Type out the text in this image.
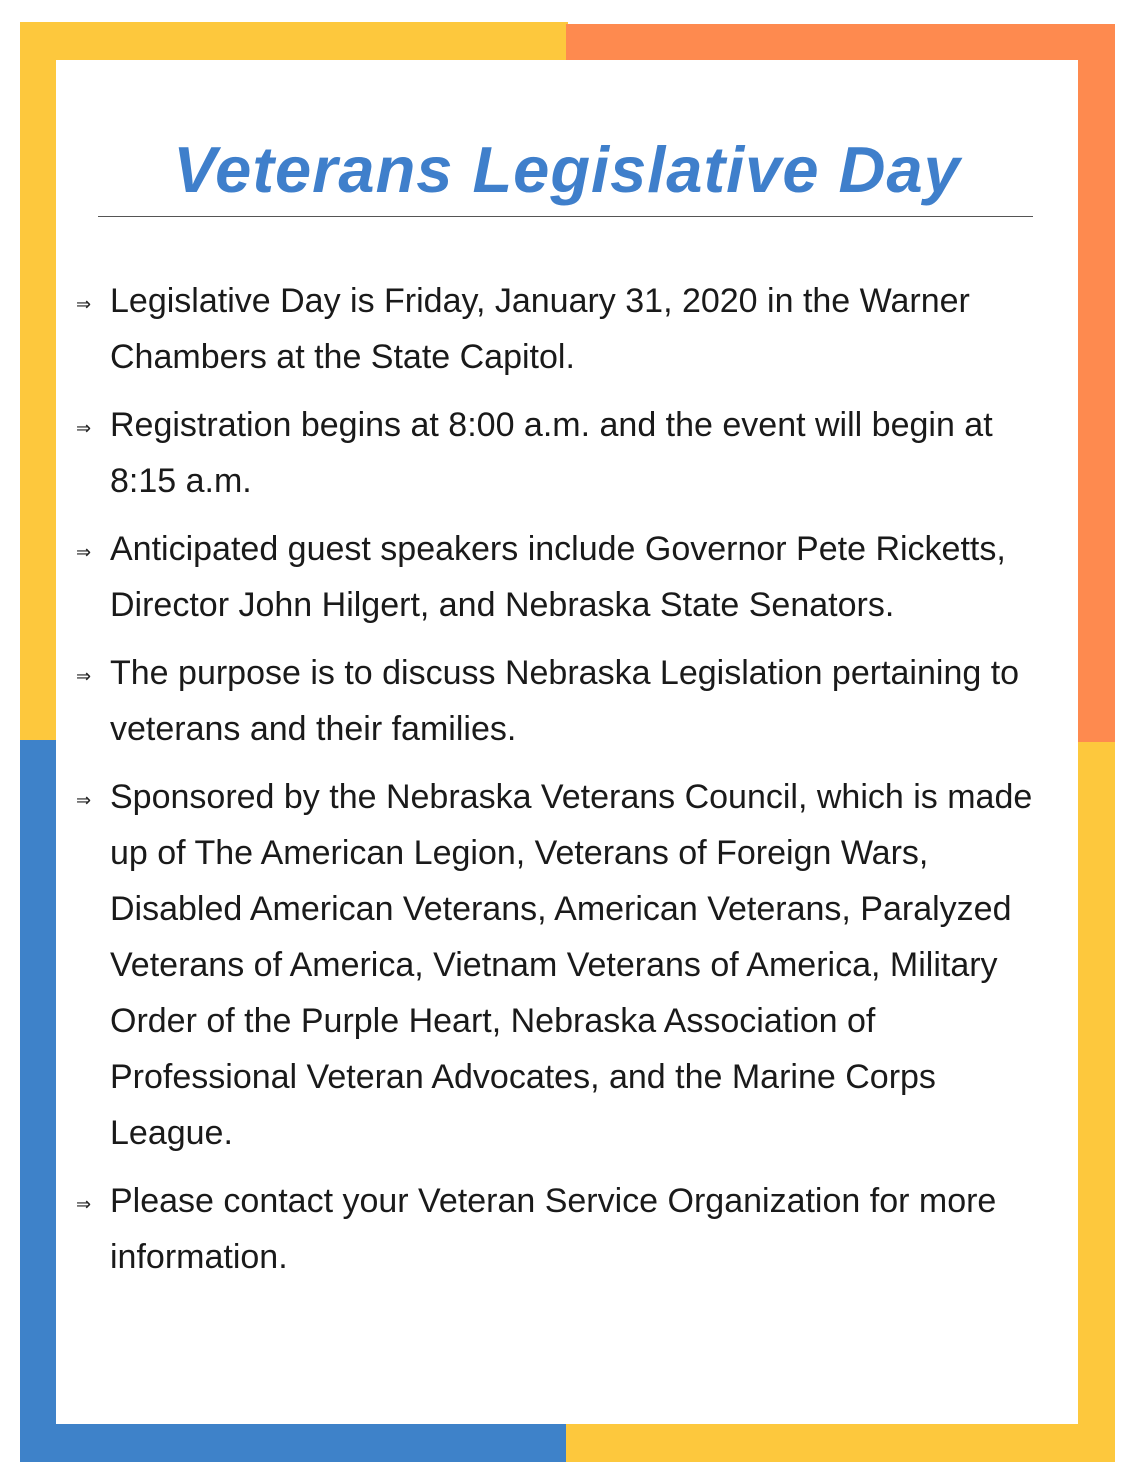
Veterans Legislative Day
⇒ Legislative Day is Friday, January 31, 2020 in the Warner Chambers at the State Capitol.
⇒ Registration begins at 8:00 a.m. and the event will begin at 8:15 a.m.
⇒ Anticipated guest speakers include Governor Pete Ricketts, Director John Hilgert, and Nebraska State Senators.
⇒ The purpose is to discuss Nebraska Legislation pertaining to veterans and their families.
⇒ Sponsored by the Nebraska Veterans Council, which is made up of The American Legion, Veterans of Foreign Wars, Disabled American Veterans, American Veterans, Paralyzed Veterans of America, Vietnam Veterans of America, Military Order of the Purple Heart, Nebraska Association of Professional Veteran Advocates, and the Marine Corps League.
⇒ Please contact your Veteran Service Organization for more information.
